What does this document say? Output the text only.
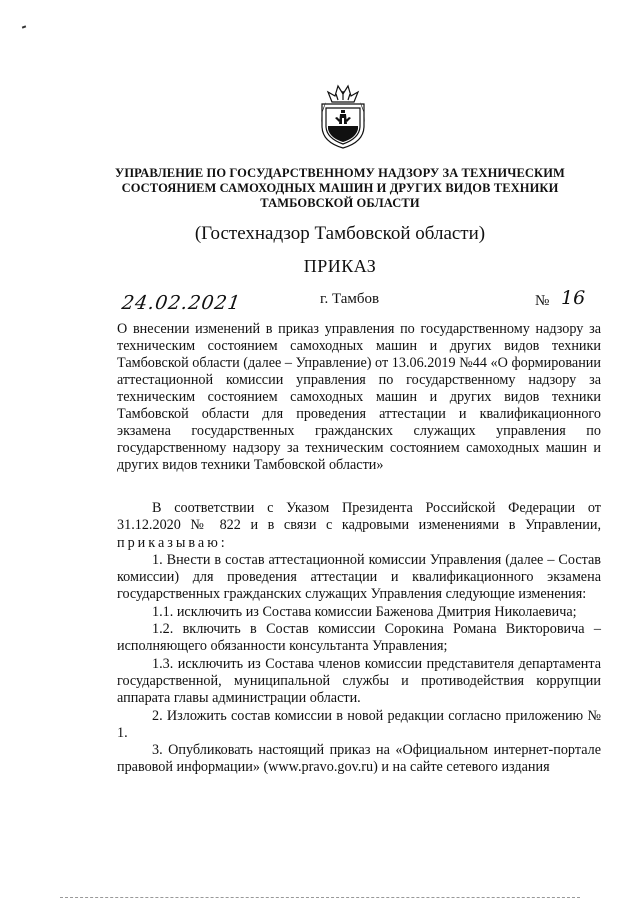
УПРАВЛЕНИЕ ПО ГОСУДАРСТВЕННОМУ НАДЗОРУ ЗА ТЕХНИЧЕСКИМ
СОСТОЯНИЕМ САМОХОДНЫХ МАШИН И ДРУГИХ ВИДОВ ТЕХНИКИ
ТАМБОВСКОЙ ОБЛАСТИ
(Гостехнадзор Тамбовской области)
ПРИКАЗ
24.02.2021	г. Тамбов	№ 16
О внесении изменений в приказ управления по государственному надзору за техническим состоянием самоходных машин и других видов техники Тамбовской области (далее – Управление) от 13.06.2019 №44 «О формировании аттестационной комиссии управления по государственному надзору за техническим состоянием самоходных машин и других видов техники Тамбовской области для проведения аттестации и квалификационного экзамена государственных гражданских служащих управления по государственному надзору за техническим состоянием самоходных машин и других видов техники Тамбовской области»

В соответствии с Указом Президента Российской Федерации от 31.12.2020 № 822 и в связи с кадровыми изменениями в Управлении, приказываю:

1. Внести в состав аттестационной комиссии Управления (далее – Состав комиссии) для проведения аттестации и квалификационного экзамена государственных гражданских служащих Управления следующие изменения:

1.1. исключить из Состава комиссии Баженова Дмитрия Николаевича;

1.2. включить в Состав комиссии Сорокина Романа Викторовича – исполняющего обязанности консультанта Управления;

1.3. исключить из Состава членов комиссии представителя департамента государственной, муниципальной службы и противодействия коррупции аппарата главы администрации области.

2. Изложить состав комиссии в новой редакции согласно приложению № 1.

3. Опубликовать настоящий приказ на «Официальном интернет-портале правовой информации» (www.pravo.gov.ru) и на сайте сетевого издания
